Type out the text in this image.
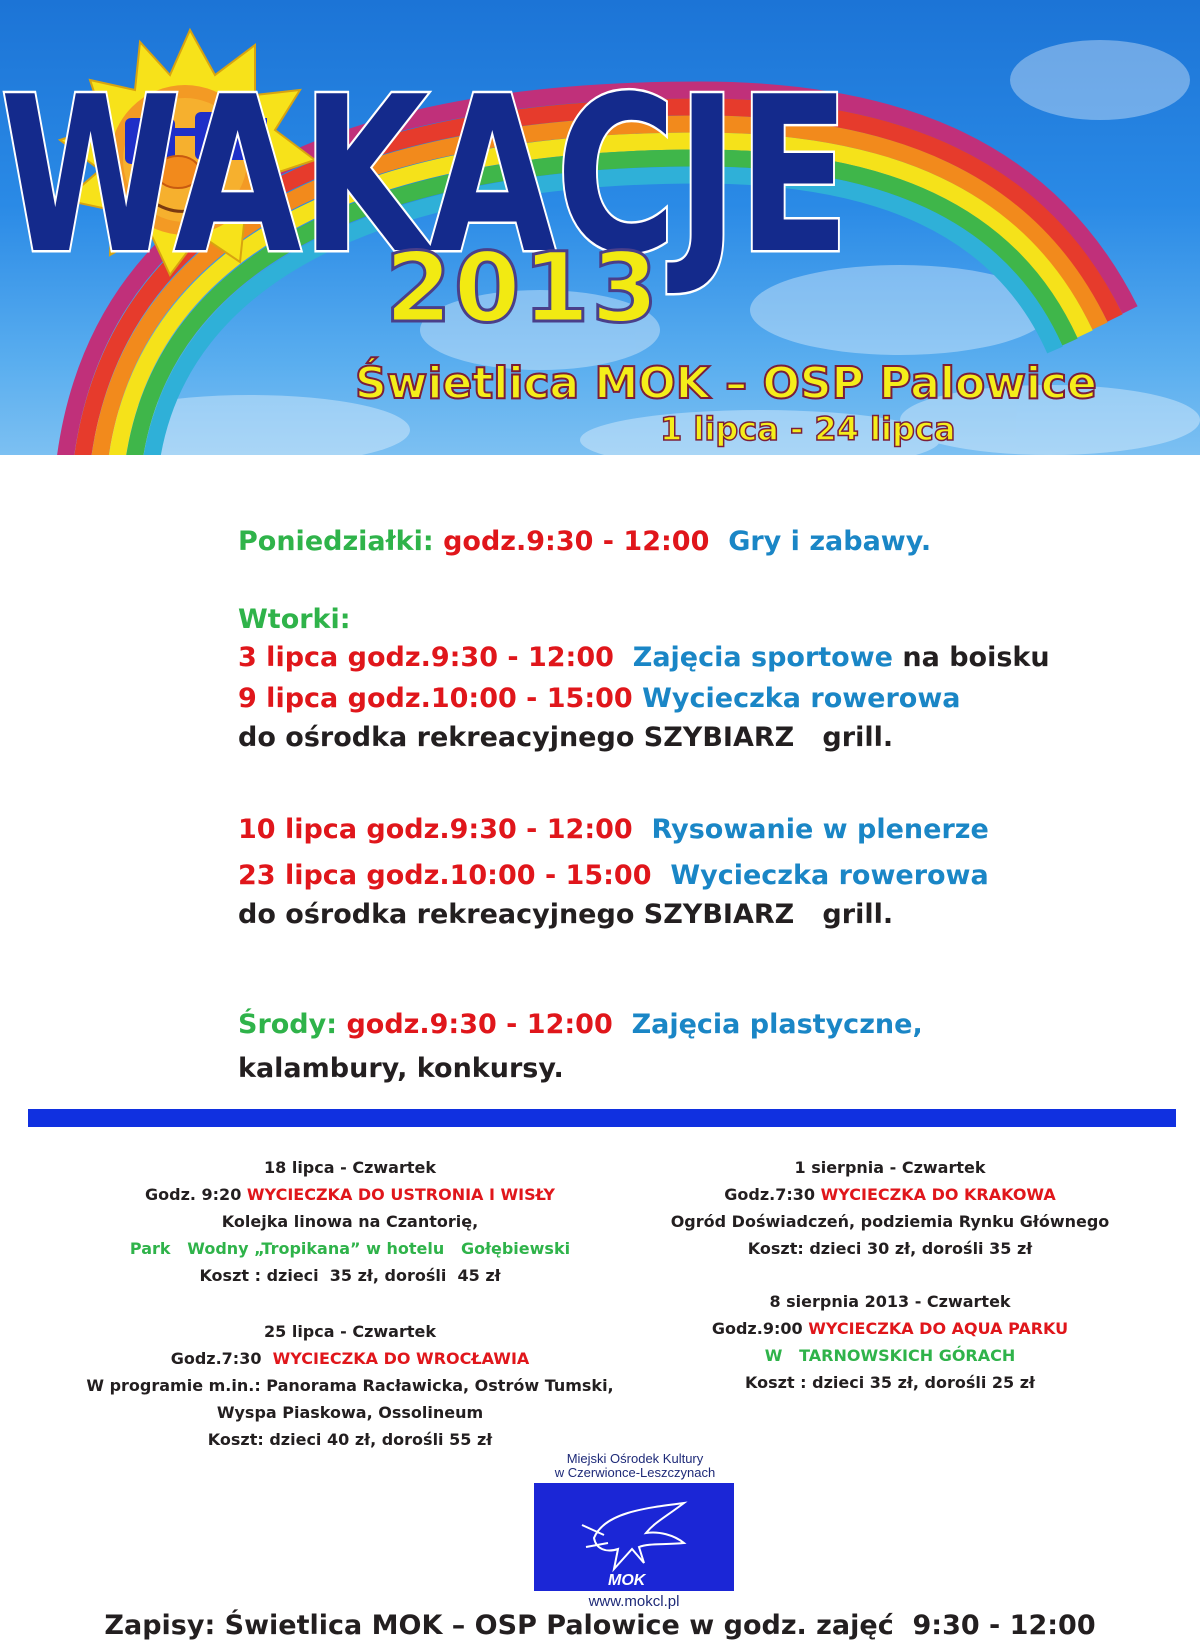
WAKACJE
2013
Świetlica MOK – OSP Palowice
1 lipca - 24 lipca
Poniedziałki: godz.9:30 - 12:00 Gry i zabawy.
Wtorki:
3 lipca godz.9:30 - 12:00 Zajęcia sportowe na boisku
9 lipca godz.10:00 - 15:00 Wycieczka rowerowa
do ośrodka rekreacyjnego SZYBIARZ   grill.
10 lipca godz.9:30 - 12:00 Rysowanie w plenerze
23 lipca godz.10:00 - 15:00 Wycieczka rowerowa
do ośrodka rekreacyjnego SZYBIARZ   grill.
Środy: godz.9:30 - 12:00 Zajęcia plastyczne,
kalambury, konkursy.
18 lipca - Czwartek
Godz. 9:20 WYCIECZKA DO USTRONIA I WISŁY
Kolejka linowa na Czantorię,
Park   Wodny „Tropikana” w hotelu   Gołębiewski
Koszt : dzieci  35 zł, dorośli  45 zł
25 lipca - Czwartek
Godz.7:30 WYCIECZKA DO WROCŁAWIA
W programie m.in.: Panorama Racławicka, Ostrów Tumski,
Wyspa Piaskowa, Ossolineum
Koszt: dzieci 40 zł, dorośli 55 zł
1 sierpnia - Czwartek
Godz.7:30 WYCIECZKA DO KRAKOWA
Ogród Doświadczeń, podziemia Rynku Głównego
Koszt: dzieci 30 zł, dorośli 35 zł
8 sierpnia 2013 - Czwartek
Godz.9:00 WYCIECZKA DO AQUA PARKU
W   TARNOWSKICH GÓRACH
Koszt : dzieci 35 zł, dorośli 25 zł
Miejski Ośrodek Kultury
w Czerwionce-Leszczynach
MOK
www.mokcl.pl
Zapisy: Świetlica MOK – OSP Palowice w godz. zajęć  9:30 - 12:00
